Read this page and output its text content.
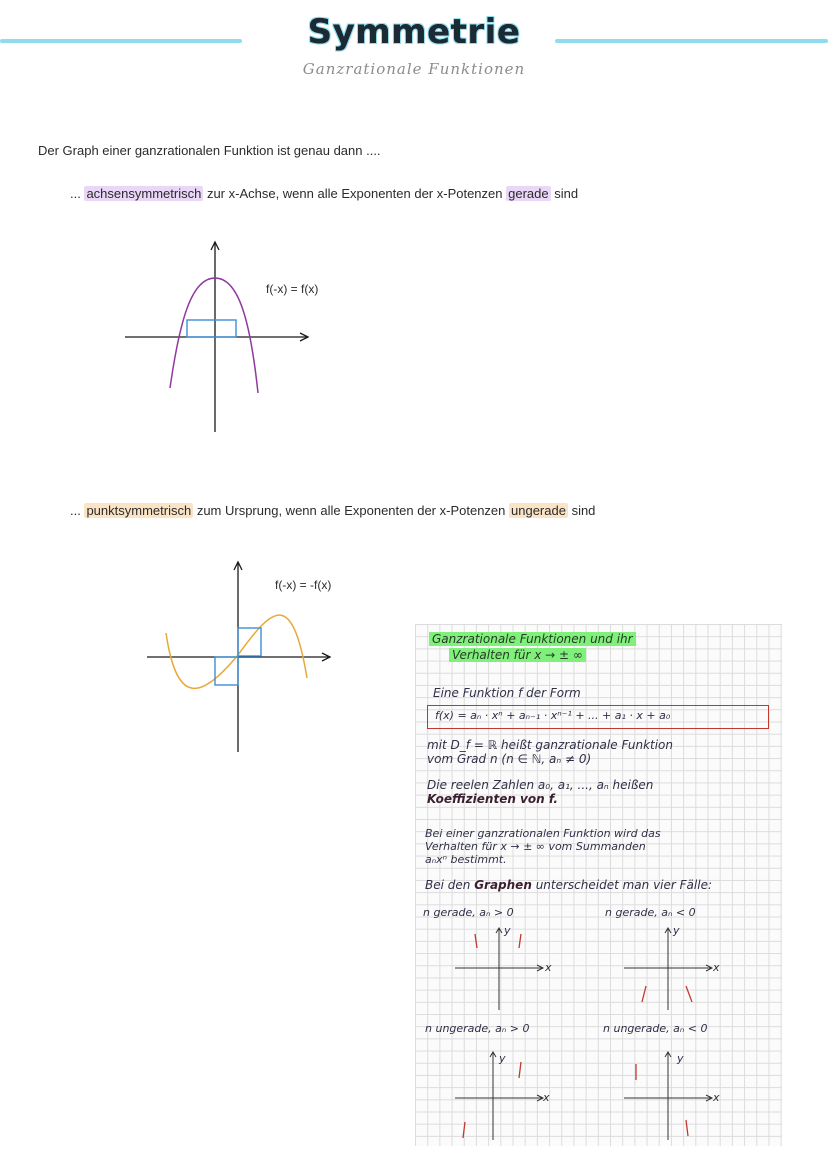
Symmetrie
Ganzrationale Funktionen
Der Graph einer ganzrationalen Funktion ist genau dann ....
... achsensymmetrisch zur x-Achse, wenn alle Exponenten der x-Potenzen gerade sind
f(-x) = f(x)
... punktsymmetrisch zum Ursprung, wenn alle Exponenten der x-Potenzen ungerade sind
f(-x) = -f(x)
Ganzrationale Funktionen und ihr
Verhalten für x → ± ∞
Eine Funktion f der Form
f(x) = aₙ · xⁿ + aₙ₋₁ · xⁿ⁻¹ + ... + a₁ · x + a₀
mit D_f = ℝ heißt ganzrationale Funktion
vom Grad n (n ∈ ℕ, aₙ ≠ 0)
Die reelen Zahlen a₀, a₁, ..., aₙ heißen
Koeffizienten von f.
Bei einer ganzrationalen Funktion wird das
Verhalten für x → ± ∞ vom Summanden
aₙxⁿ bestimmt.
Bei den Graphen unterscheidet man vier Fälle:
n gerade, aₙ > 0	n gerade, aₙ < 0
n ungerade, aₙ > 0	n ungerade, aₙ < 0
x
y
x
y
x
y
x
y
